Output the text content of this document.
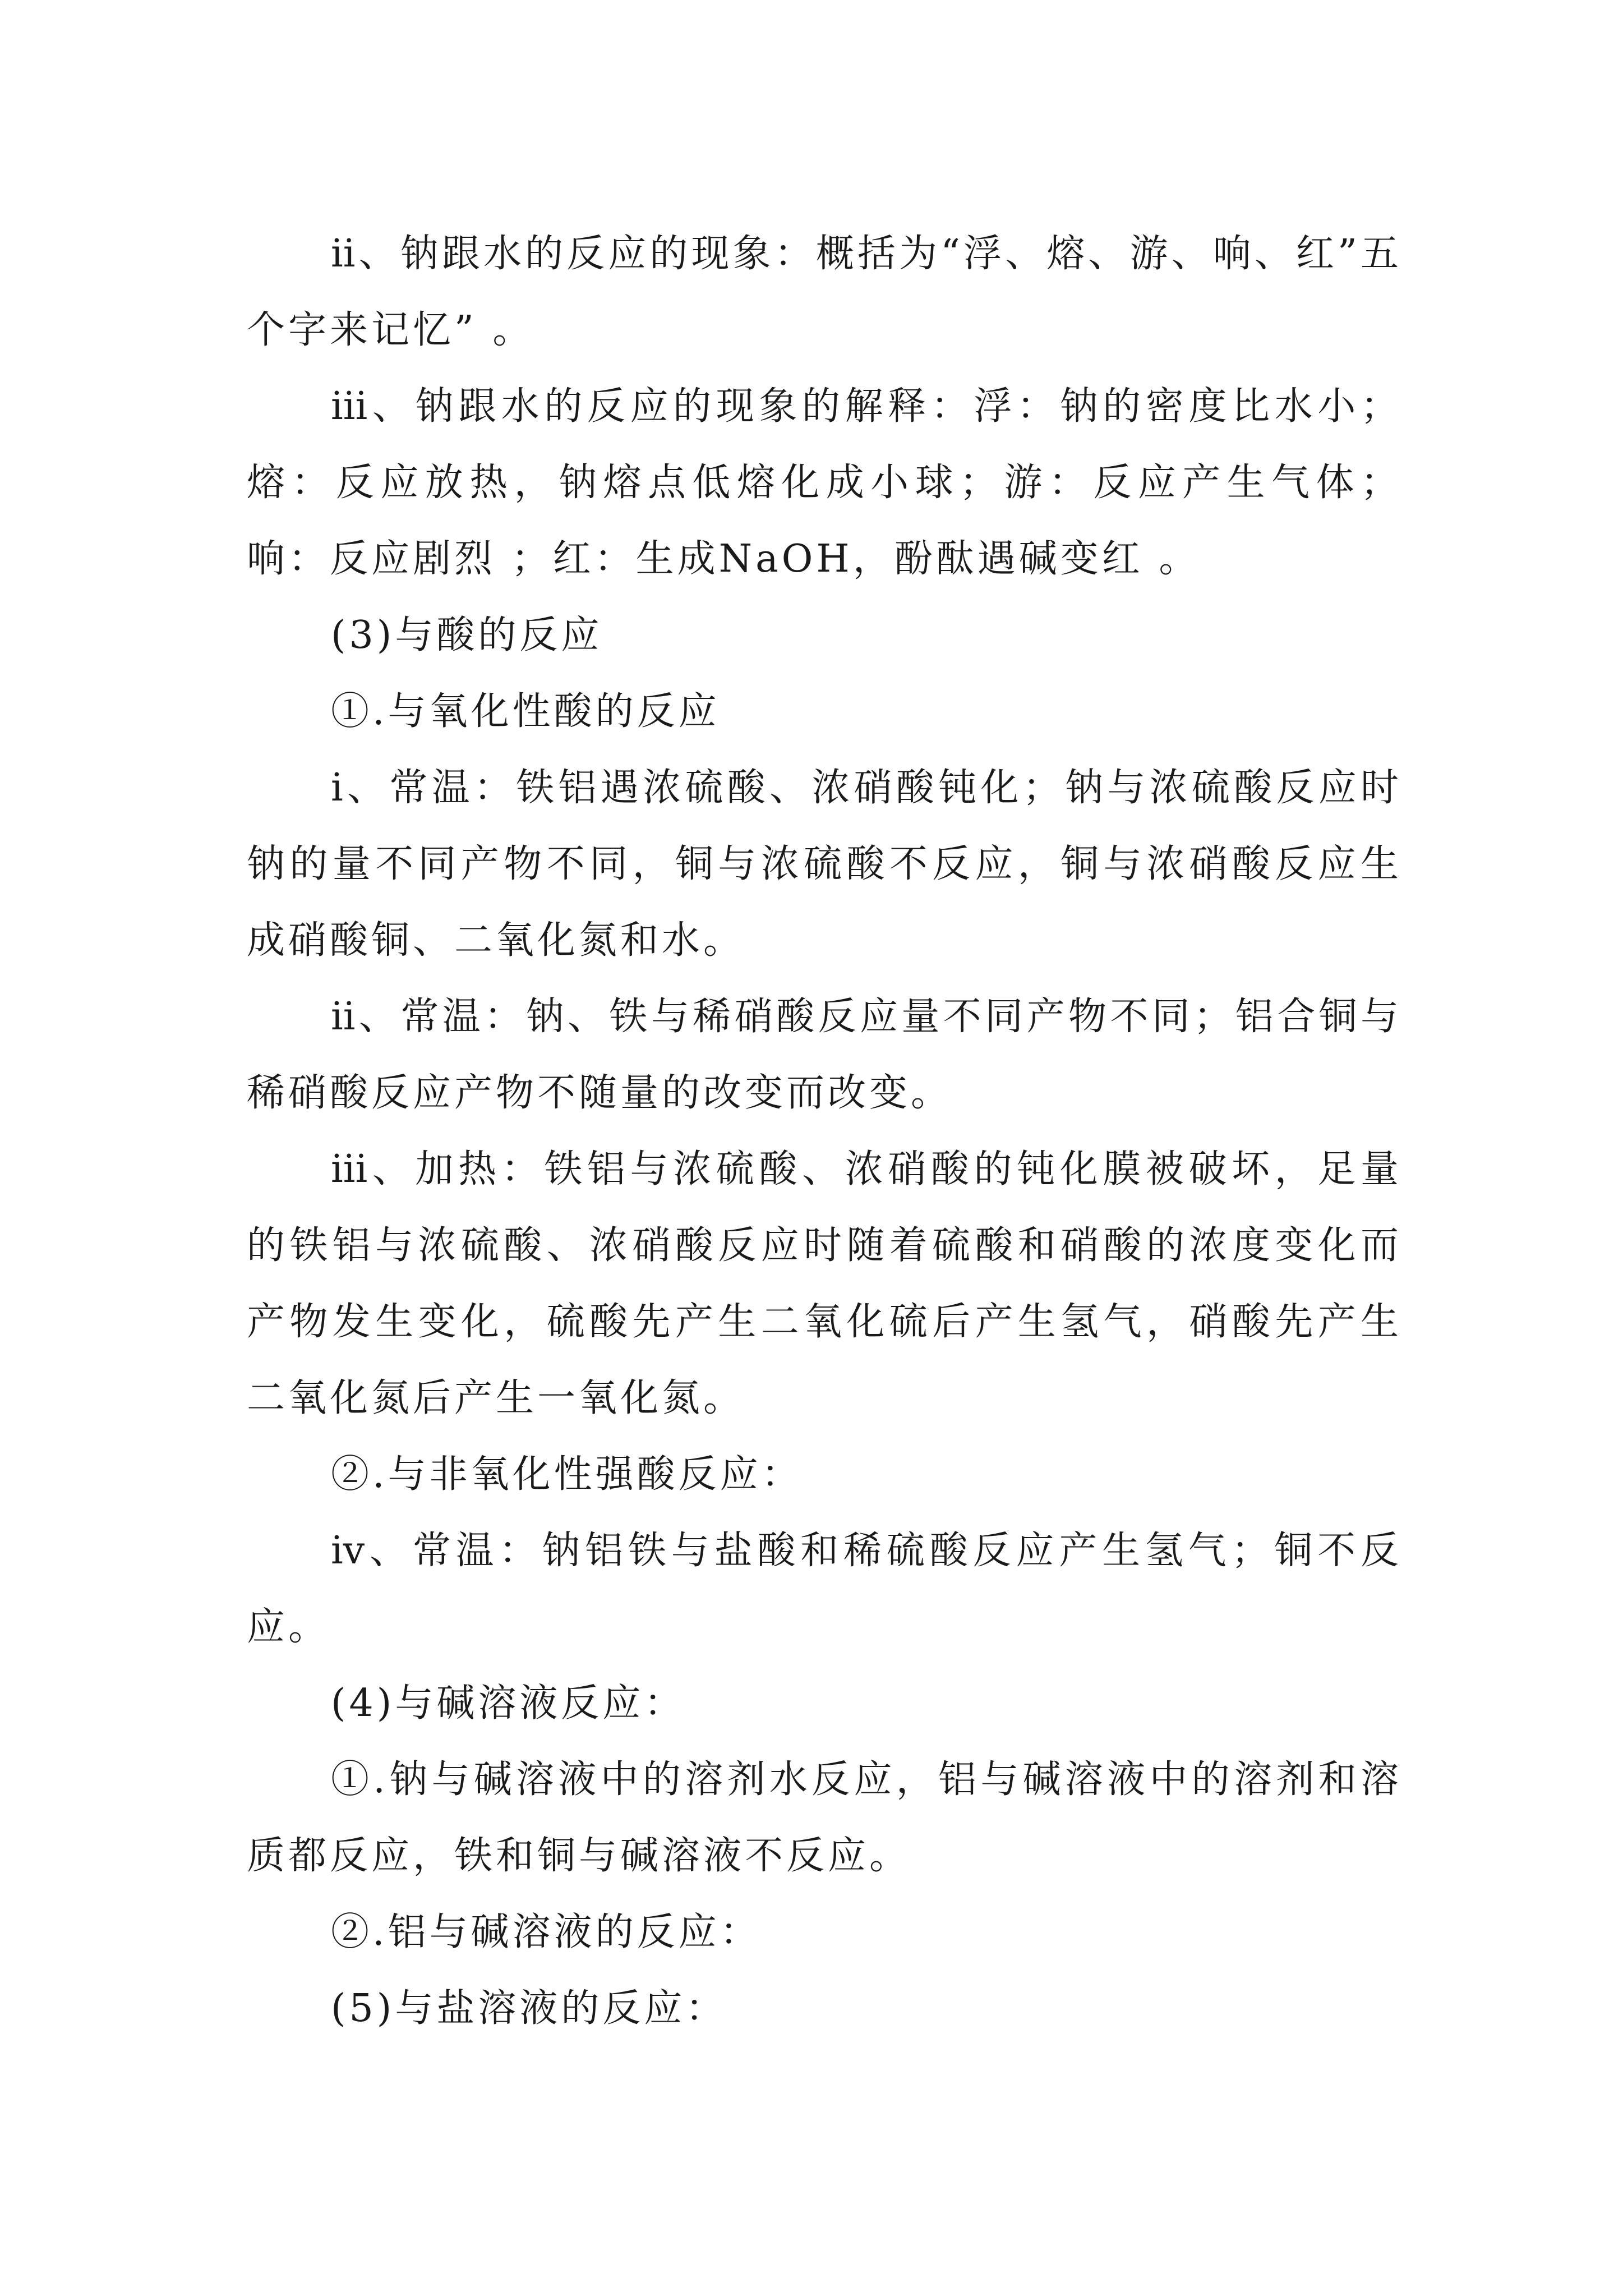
ⅱ、钠跟水的反应的现象：概括为“浮、熔、游、响、红”五个字来记忆” 。

ⅲ、钠跟水的反应的现象的解释：浮：钠的密度比水小；熔：反应放热，钠熔点低熔化成小球；游：反应产生气体；响：反应剧烈 ；红：生成NaOH，酚酞遇碱变红 。

(3)与酸的反应

①.与氧化性酸的反应

ⅰ、常温：铁铝遇浓硫酸、浓硝酸钝化；钠与浓硫酸反应时钠的量不同产物不同，铜与浓硫酸不反应，铜与浓硝酸反应生成硝酸铜、二氧化氮和水。

ⅱ、常温：钠、铁与稀硝酸反应量不同产物不同；铝合铜与稀硝酸反应产物不随量的改变而改变。

ⅲ、加热：铁铝与浓硫酸、浓硝酸的钝化膜被破坏，足量的铁铝与浓硫酸、浓硝酸反应时随着硫酸和硝酸的浓度变化而产物发生变化，硫酸先产生二氧化硫后产生氢气，硝酸先产生二氧化氮后产生一氧化氮。

②.与非氧化性强酸反应：

ⅳ、常温：钠铝铁与盐酸和稀硫酸反应产生氢气；铜不反应。

(4)与碱溶液反应：

①.钠与碱溶液中的溶剂水反应，铝与碱溶液中的溶剂和溶质都反应，铁和铜与碱溶液不反应。

②.铝与碱溶液的反应：

(5)与盐溶液的反应：
